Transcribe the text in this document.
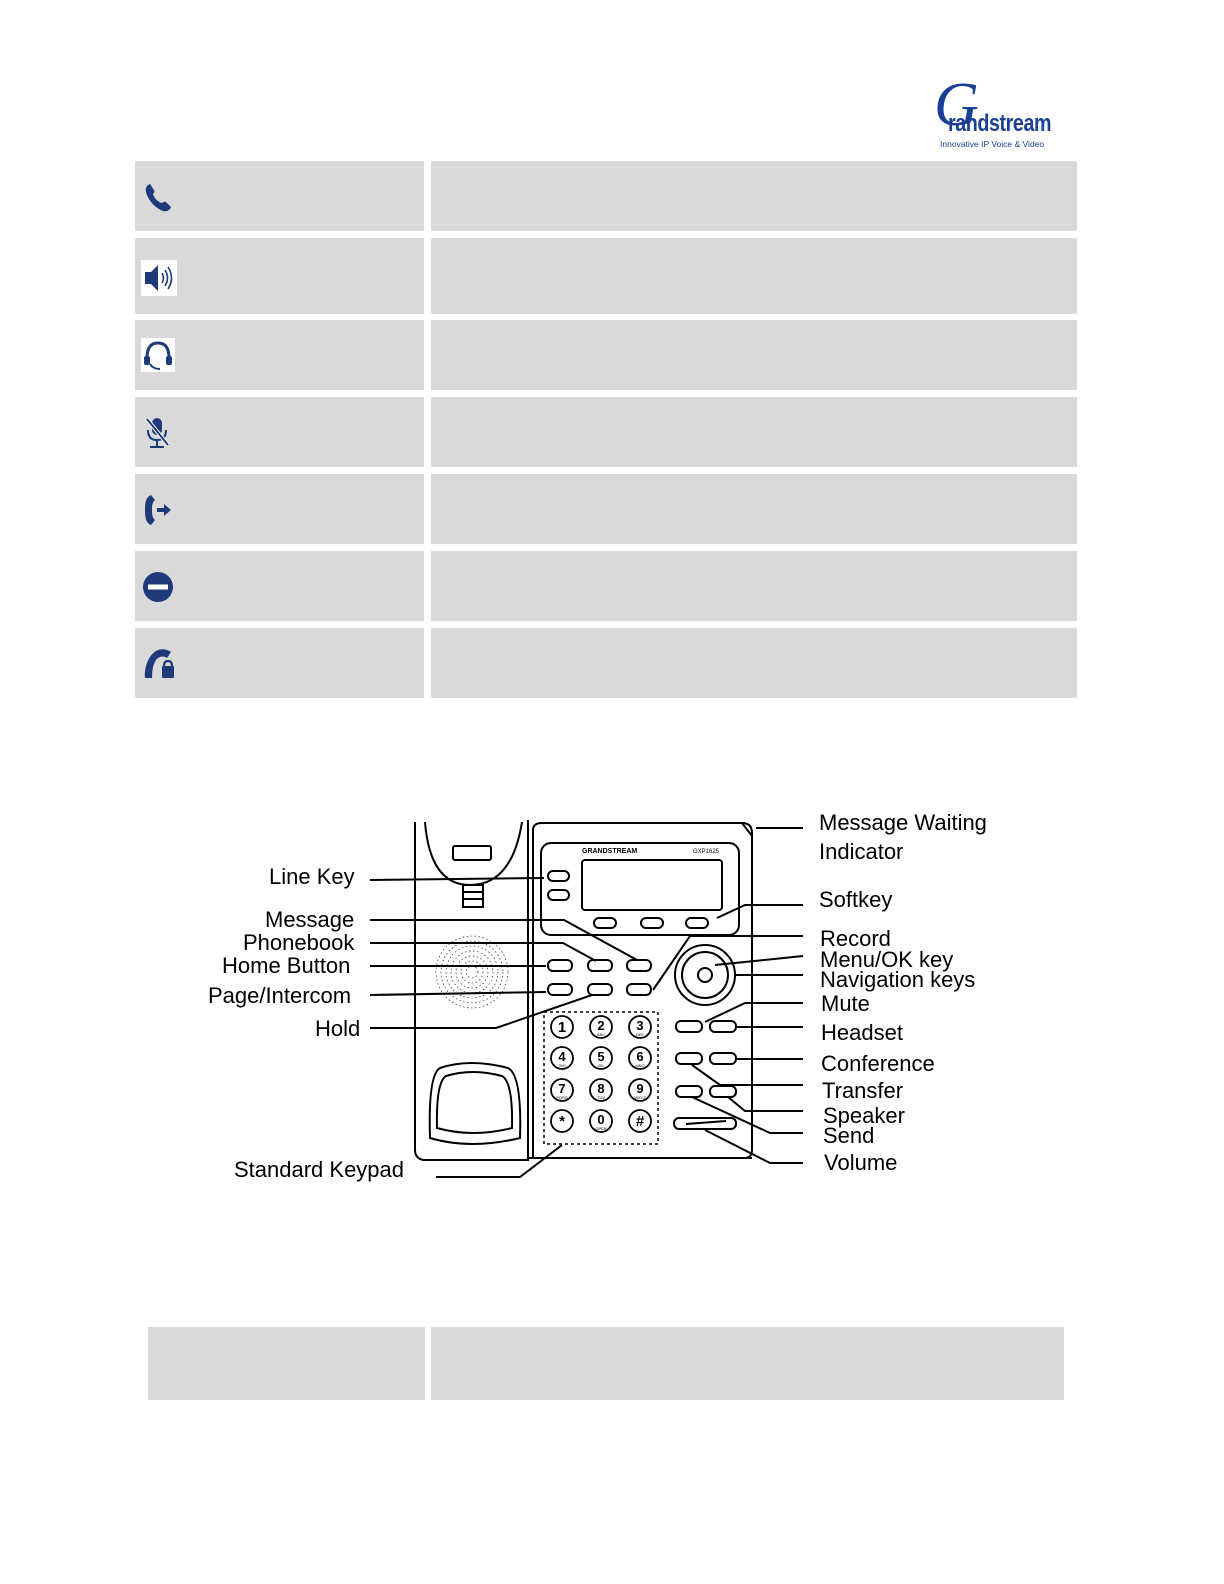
G
randstream
Innovative IP Voice & Video
GRANDSTREAM	GXP1625
1 2
ABC
3
DEF
4
GHI
5
JKL
6
MNO
7
PQRS
8
TUV
9
WXYZ
* 0
OPER #
Line Key
Message
Phonebook
Home Button
Page/Intercom
Hold
Standard Keypad
Message Waiting
Indicator
Softkey
Record
Menu/OK key
Navigation keys
Mute
Headset
Conference
Transfer
Speaker
Send
Volume
